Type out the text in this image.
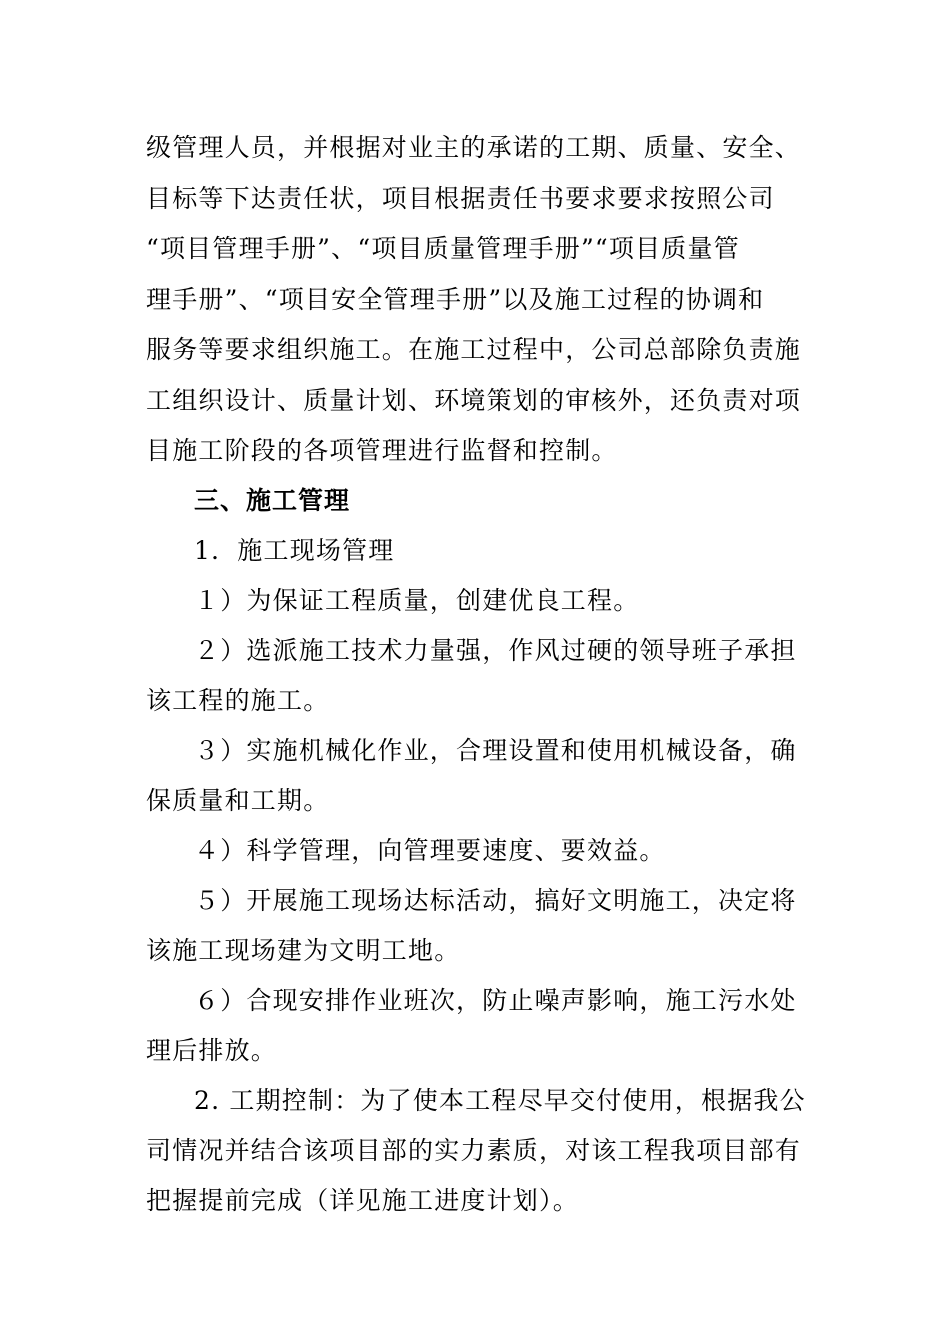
级管理人员，并根据对业主的承诺的工期、质量、安全、
目标等下达责任状，项目根据责任书要求要求按照公司
“项目管理手册”、“项目质量管理手册”“项目质量管
理手册”、“项目安全管理手册”以及施工过程的协调和
服务等要求组织施工。在施工过程中，公司总部除负责施
工组织设计、质量计划、环境策划的审核外，还负责对项
目施工阶段的各项管理进行监督和控制。
三、施工管理
1．施工现场管理
１）为保证工程质量，创建优良工程。
２）选派施工技术力量强，作风过硬的领导班子承担
该工程的施工。
３）实施机械化作业，合理设置和使用机械设备，确
保质量和工期。
４）科学管理，向管理要速度、要效益。
５）开展施工现场达标活动，搞好文明施工，决定将
该施工现场建为文明工地。
６）合现安排作业班次，防止噪声影响，施工污水处
理后排放。
2. 工期控制：为了使本工程尽早交付使用，根据我公
司情况并结合该项目部的实力素质，对该工程我项目部有
把握提前完成（详见施工进度计划）。
